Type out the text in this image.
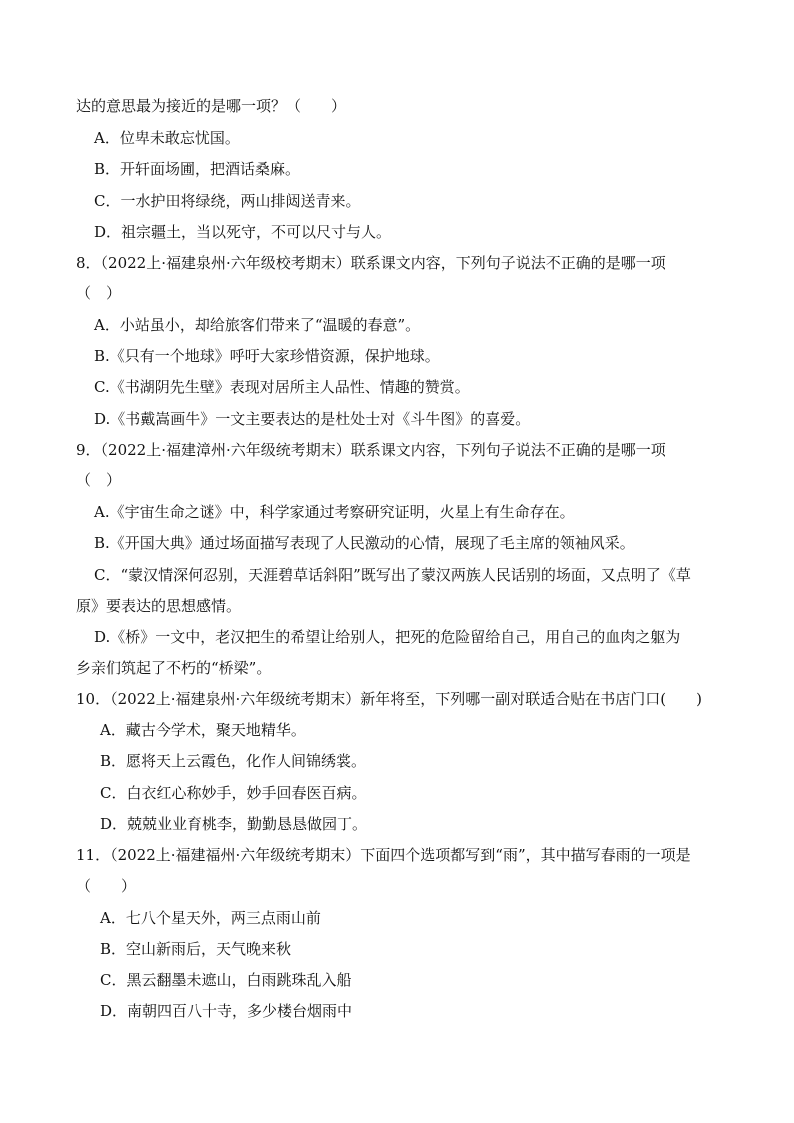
达的意思最为接近的是哪一项？（　　）
A．位卑未敢忘忧国。
B．开轩面场圃，把酒话桑麻。
C．一水护田将绿绕，两山排闼送青来。
D．祖宗疆土，当以死守，不可以尺寸与人。
8．（2022上·福建泉州·六年级校考期末）联系课文内容，下列句子说法不正确的是哪一项
（　）
A．小站虽小，却给旅客们带来了“温暖的春意”。
B.《只有一个地球》呼吁大家珍惜资源，保护地球。
C.《书湖阴先生壁》表现对居所主人品性、情趣的赞赏。
D.《书戴嵩画牛》一文主要表达的是杜处士对《斗牛图》的喜爱。
9．（2022上·福建漳州·六年级统考期末）联系课文内容，下列句子说法不正确的是哪一项
（　）
A.《宇宙生命之谜》中，科学家通过考察研究证明，火星上有生命存在。
B.《开国大典》通过场面描写表现了人民激动的心情，展现了毛主席的领袖风采。
C．“蒙汉情深何忍别，天涯碧草话斜阳”既写出了蒙汉两族人民话别的场面，又点明了《草
原》要表达的思想感情。
D.《桥》一文中，老汉把生的希望让给别人，把死的危险留给自己，用自己的血肉之躯为
乡亲们筑起了不朽的“桥梁”。
10．（2022上·福建泉州·六年级统考期末）新年将至，下列哪一副对联适合贴在书店门口(　　)
A．藏古今学术，聚天地精华。
B．愿将天上云霞色，化作人间锦绣裳。
C．白衣红心称妙手，妙手回春医百病。
D．兢兢业业育桃李，勤勤恳恳做园丁。
11．（2022上·福建福州·六年级统考期末）下面四个选项都写到“雨”，其中描写春雨的一项是
（　　）
A．七八个星天外，两三点雨山前
B．空山新雨后，天气晚来秋
C．黑云翻墨未遮山，白雨跳珠乱入船
D．南朝四百八十寺，多少楼台烟雨中
